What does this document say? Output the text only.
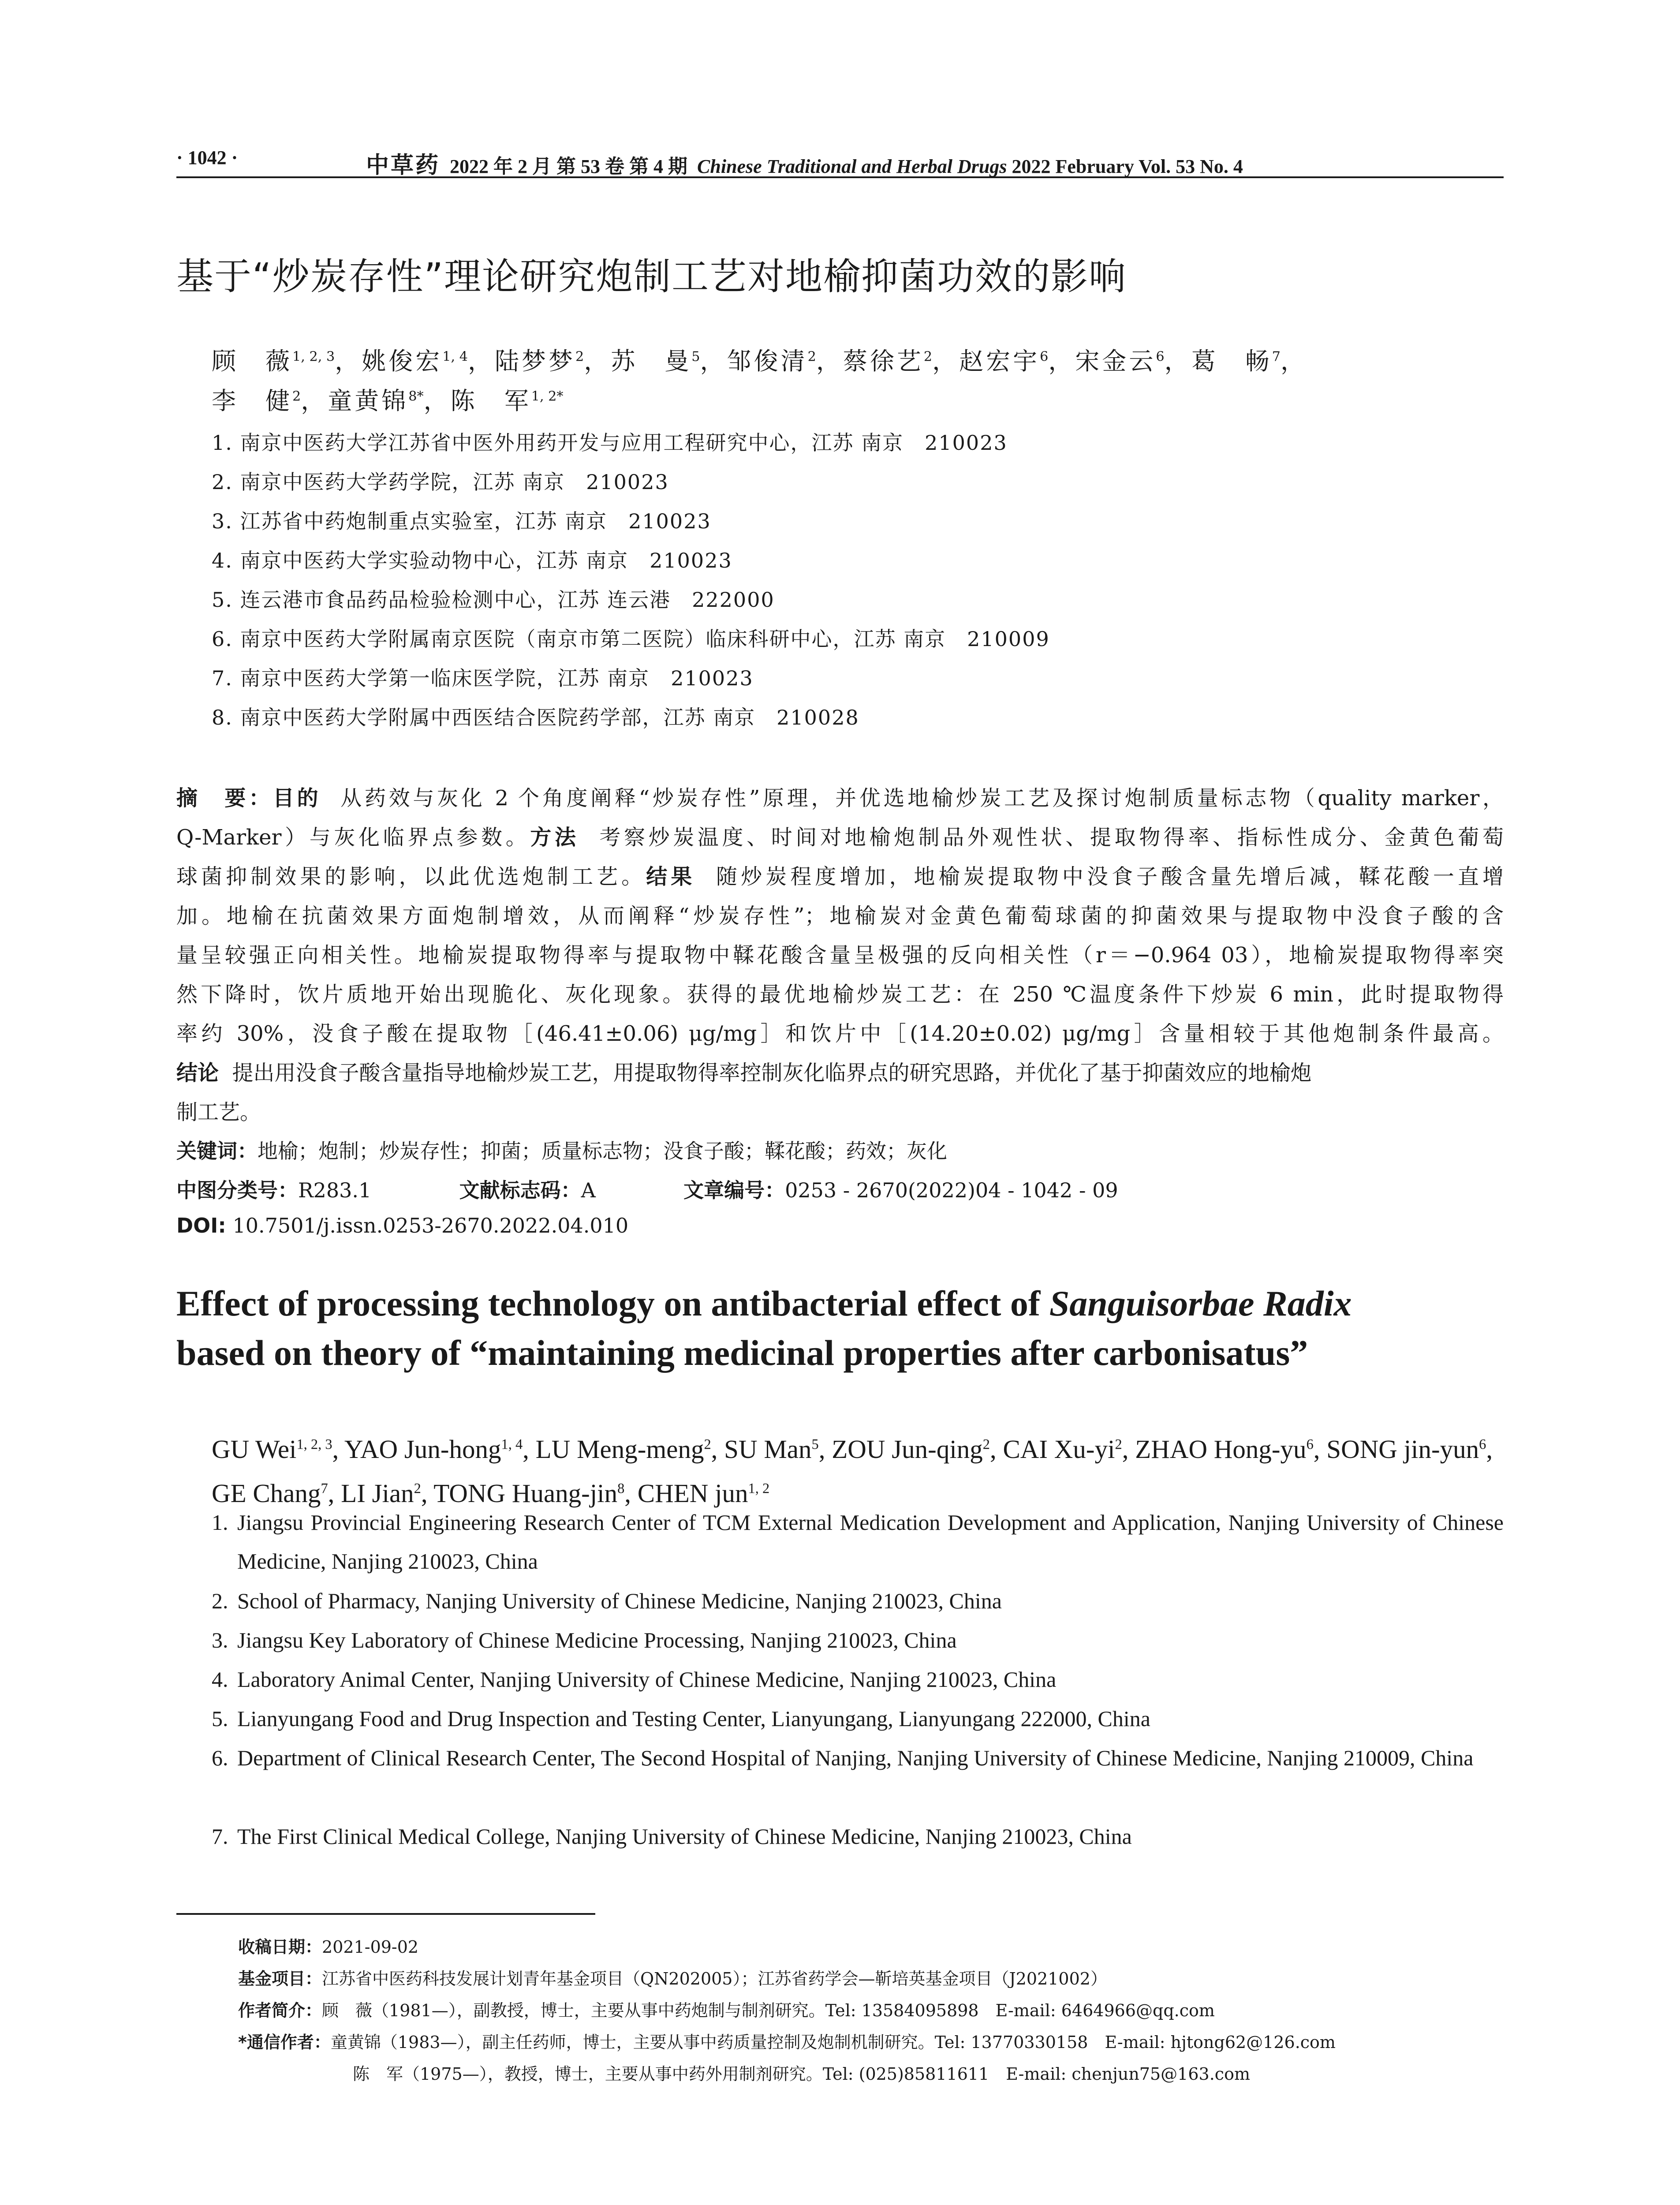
· 1042 ·	中草药 2022 年 2 月 第 53 卷 第 4 期 Chinese Traditional and Herbal Drugs 2022 February Vol. 53 No. 4
基于“炒炭存性”理论研究炮制工艺对地榆抑菌功效的影响
顾　薇$^{1, 2, 3}$，姚俊宏$^{1, 4}$，陆梦梦$^2$，苏　曼$^5$，邹俊清$^2$，蔡徐艺$^2$，赵宏宇$^6$，宋金云$^6$，葛　畅$^7$，
李　健$^2$，童黄锦$^{8*}$，陈　军$^{1, 2*}$
1. 南京中医药大学江苏省中医外用药开发与应用工程研究中心，江苏 南京　210023
2. 南京中医药大学药学院，江苏 南京　210023
3. 江苏省中药炮制重点实验室，江苏 南京　210023
4. 南京中医药大学实验动物中心，江苏 南京　210023
5. 连云港市食品药品检验检测中心，江苏 连云港　222000
6. 南京中医药大学附属南京医院（南京市第二医院）临床科研中心，江苏 南京　210009
7. 南京中医药大学第一临床医学院，江苏 南京　210023
8. 南京中医药大学附属中西医结合医院药学部，江苏 南京　210028
摘　要：目的 从药效与灰化 2 个角度阐释“炒炭存性”原理，并优选地榆炒炭工艺及探讨炮制质量标志物（quality marker，
Q-Marker）与灰化临界点参数。方法 考察炒炭温度、时间对地榆炮制品外观性状、提取物得率、指标性成分、金黄色葡萄
球菌抑制效果的影响，以此优选炮制工艺。结果 随炒炭程度增加，地榆炭提取物中没食子酸含量先增后减，鞣花酸一直增
加。地榆在抗菌效果方面炮制增效，从而阐释“炒炭存性”；地榆炭对金黄色葡萄球菌的抑菌效果与提取物中没食子酸的含
量呈较强正向相关性。地榆炭提取物得率与提取物中鞣花酸含量呈极强的反向相关性（r＝−0.964 03），地榆炭提取物得率突
然下降时，饮片质地开始出现脆化、灰化现象。获得的最优地榆炒炭工艺：在 250 ℃温度条件下炒炭 6 min，此时提取物得
率约 30%，没食子酸在提取物［(46.41±0.06) μg/mg］和饮片中［(14.20±0.02) μg/mg］含量相较于其他炮制条件最高。
结论 提出用没食子酸含量指导地榆炒炭工艺，用提取物得率控制灰化临界点的研究思路，并优化了基于抑菌效应的地榆炮
制工艺。
关键词：地榆；炮制；炒炭存性；抑菌；质量标志物；没食子酸；鞣花酸；药效；灰化
中图分类号：R283.1	文献标志码：A	文章编号：0253 - 2670(2022)04 - 1042 - 09
DOI: 10.7501/j.issn.0253-2670.2022.04.010
Effect of processing technology on antibacterial effect of Sanguisorbae Radix
based on theory of “maintaining medicinal properties after carbonisatus”
GU Wei$^{1, 2, 3}$, YAO Jun-hong$^{1, 4}$, LU Meng-meng$^2$, SU Man$^5$, ZOU Jun-qing$^2$, CAI $Xu-yi^2$, ZHAO Hong-$yu^6$, SONG jin-yun$^6$, GE Chang$^7$, LI Jian$^2$, TONG Huang-jin$^8$, CHEN jun$^{1, 2}$
1. Jiangsu Provincial Engineering Research Center of TCM External Medication Development and Application, Nanjing University of Chinese Medicine, Nanjing 210023, China
2. School of Pharmacy, Nanjing University of Chinese Medicine, Nanjing 210023, China
3. Jiangsu Key Laboratory of Chinese Medicine Processing, Nanjing 210023, China
4. Laboratory Animal Center, Nanjing University of Chinese Medicine, Nanjing 210023, China
5. Lianyungang Food and Drug Inspection and Testing Center, Lianyungang, Lianyungang 222000, China
6. Department of Clinical Research Center, The Second Hospital of Nanjing, Nanjing University of Chinese Medicine, Nanjing 210009, China
7. The First Clinical Medical College, Nanjing University of Chinese Medicine, Nanjing 210023, China
收稿日期：2021-09-02
基金项目：江苏省中医药科技发展计划青年基金项目（QN202005）；江苏省药学会—靳培英基金项目（J2021002）
作者简介：顾　薇（1981—），副教授，博士，主要从事中药炮制与制剂研究。Tel: 13584095898　E-mail: 6464966@qq.com
*通信作者：童黄锦（1983—），副主任药师，博士，主要从事中药质量控制及炮制机制研究。Tel: 13770330158　E-mail: hjtong62@126.com
陈　军（1975—），教授，博士，主要从事中药外用制剂研究。Tel: (025)85811611　E-mail: chenjun75@163.com
